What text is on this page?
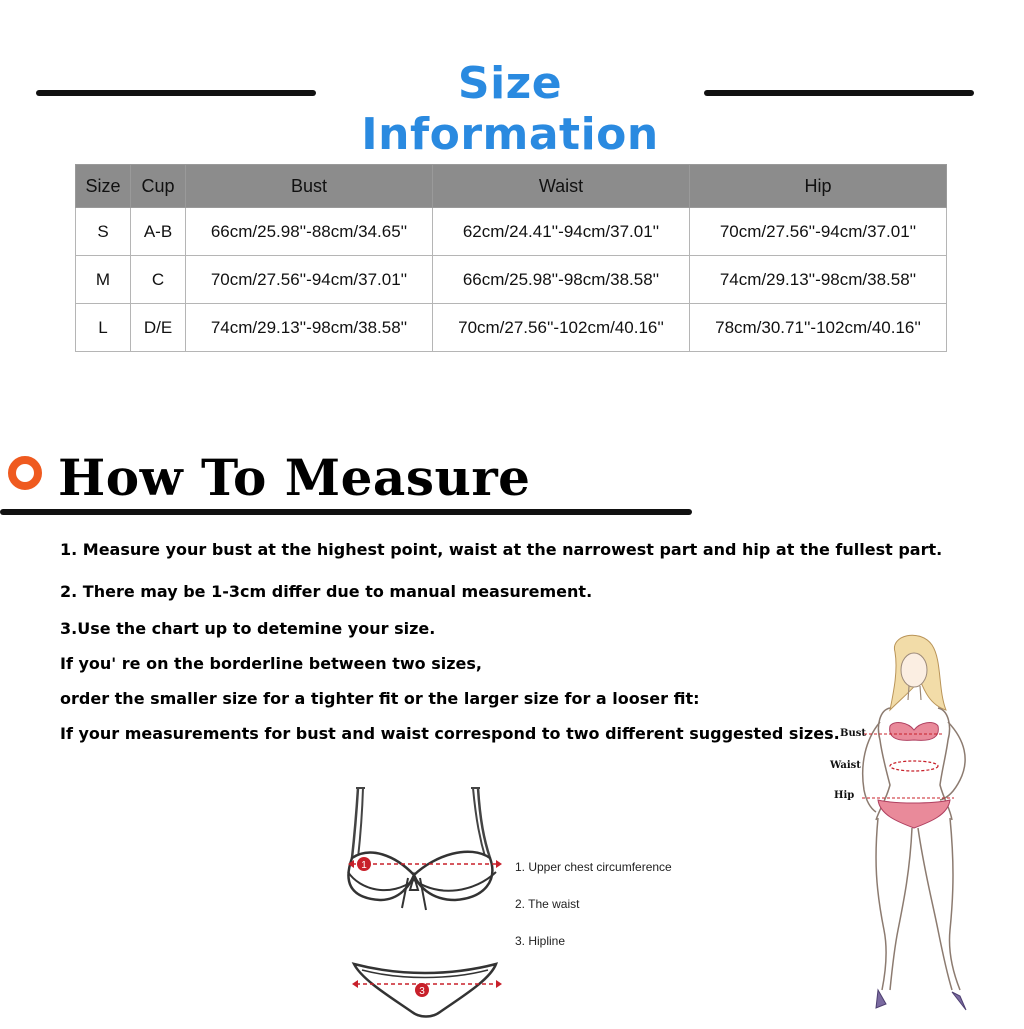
Size Information
Size	Cup	Bust	Waist	Hip
S	A-B	66cm/25.98''-88cm/34.65''	62cm/24.41''-94cm/37.01''	70cm/27.56''-94cm/37.01''
M	C	70cm/27.56''-94cm/37.01''	66cm/25.98''-98cm/38.58''	74cm/29.13''-98cm/38.58''
L	D/E	74cm/29.13''-98cm/38.58''	70cm/27.56''-102cm/40.16''	78cm/30.71''-102cm/40.16''
How To Measure
1. Measure your bust at the highest point, waist at the narrowest part and hip at the fullest part.
2. There may be 1-3cm differ due to manual measurement.
3.Use the chart up to detemine your size.
If you' re on the borderline between two sizes,
order the smaller size for a tighter fit or the larger size for a looser fit:
If your measurements for bust and waist correspond to two different suggested sizes.
1
3
1. Upper chest circumference
2. The waist
3. Hipline
Bust
Waist
Hip
